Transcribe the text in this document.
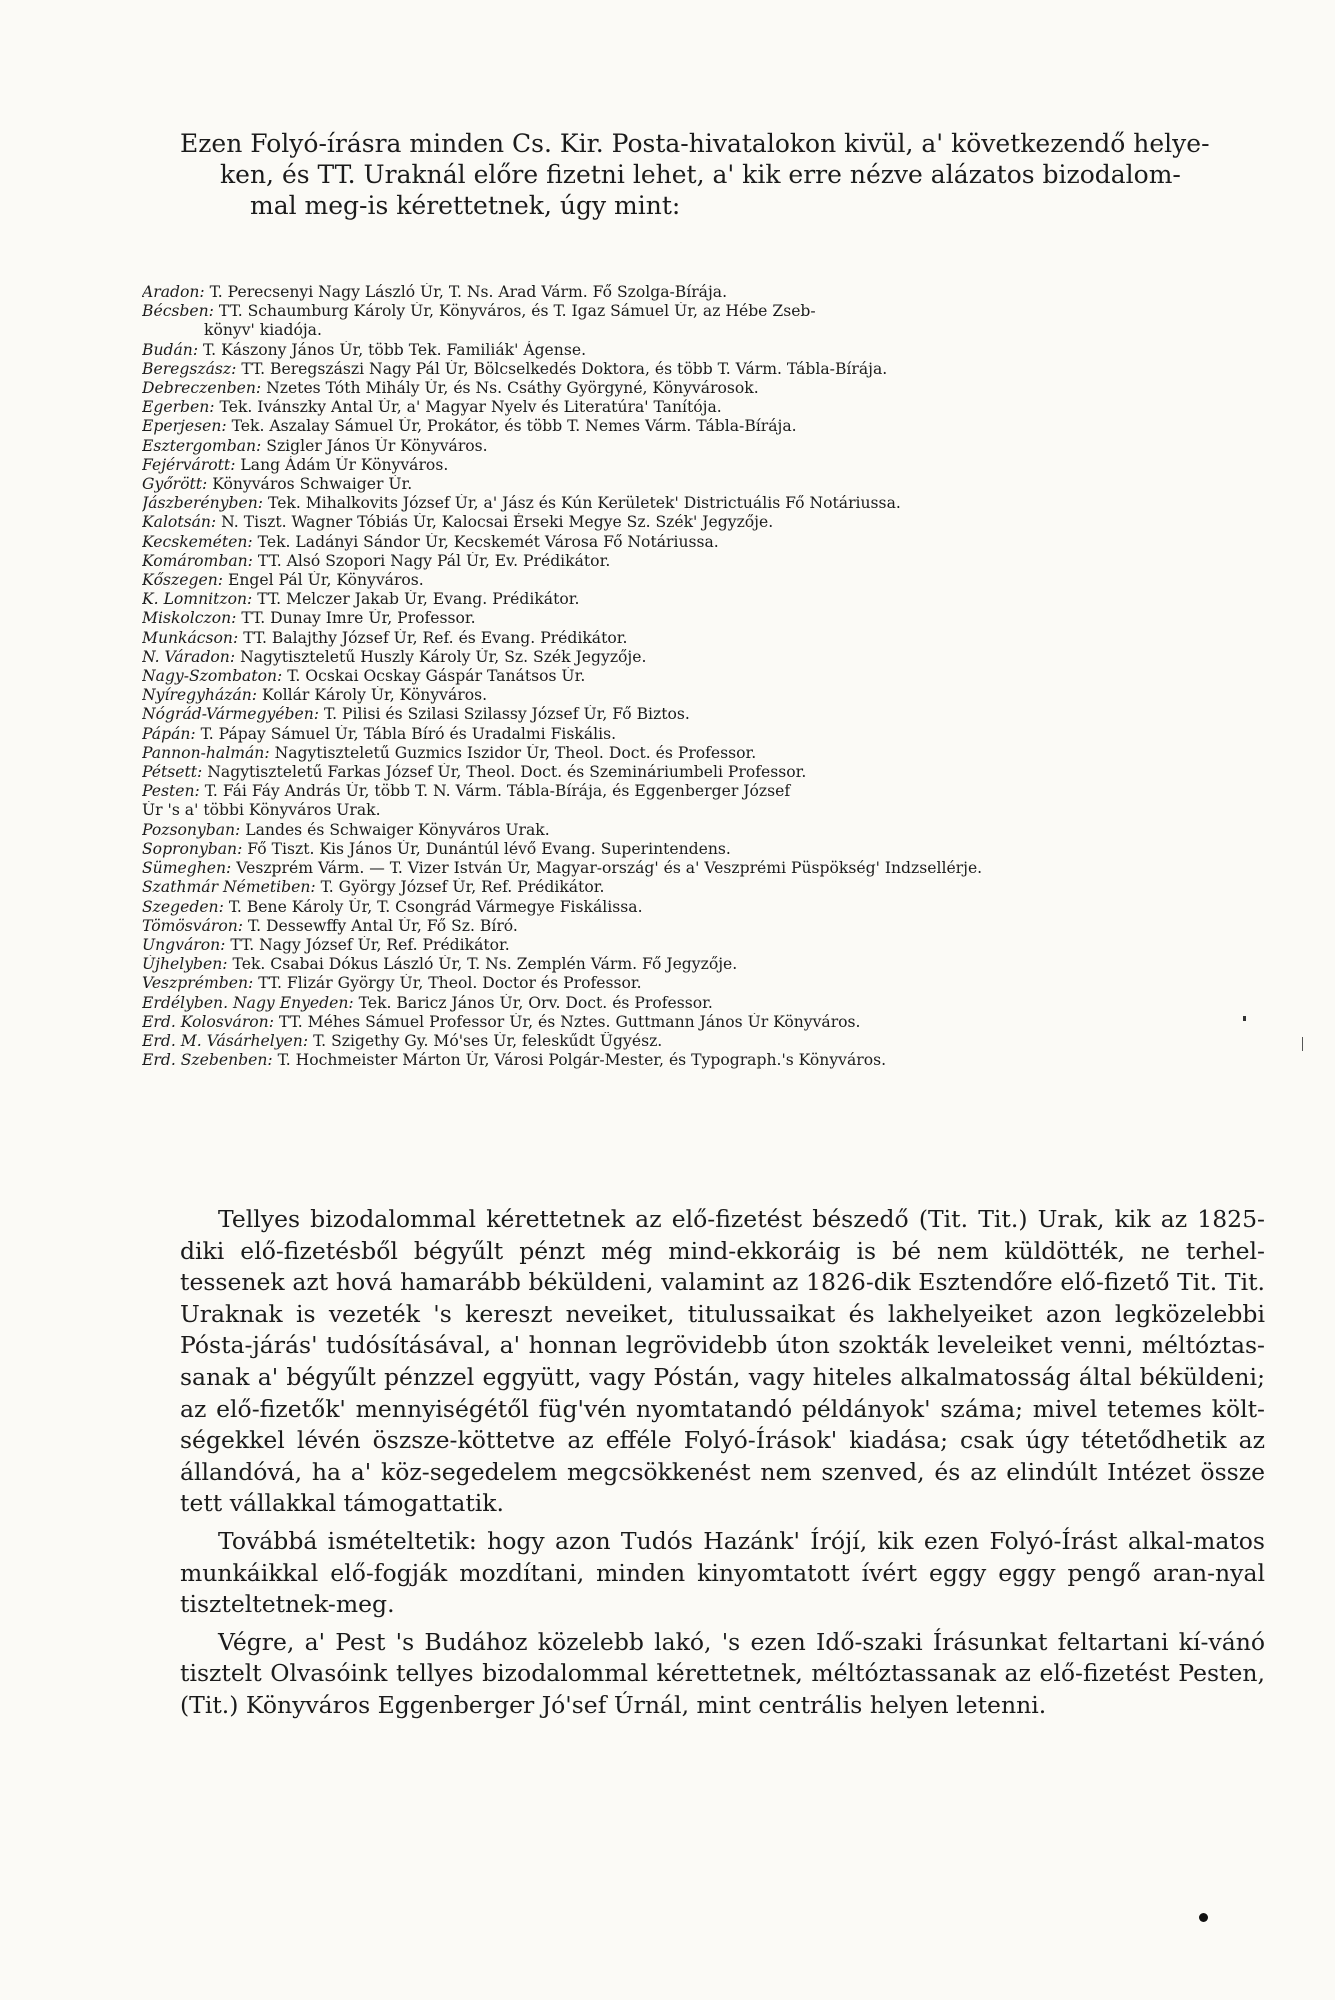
Ezen Folyó-írásra minden Cs. Kir. Posta-hivatalokon kivül, a' következendő helye-
ken, és TT. Uraknál előre fizetni lehet, a' kik erre nézve alázatos bizodalom-
mal meg-is kérettetnek, úgy mint:
Aradon: T. Perecsenyi Nagy László Úr, T. Ns. Arad Várm. Fő Szolga-Bírája.
Bécsben: TT. Schaumburg Károly Úr, Könyváros, és T. Igaz Sámuel Úr, az Hébe Zseb-
könyv' kiadója.
Budán: T. Kászony János Úr, több Tek. Familiák' Ágense.
Beregszász: TT. Beregszászi Nagy Pál Úr, Bölcselkedés Doktora, és több T. Várm. Tábla-Bírája.
Debreczenben: Nzetes Tóth Mihály Úr, és Ns. Csáthy Györgyné, Könyvárosok.
Egerben: Tek. Ivánszky Antal Úr, a' Magyar Nyelv és Literatúra' Tanítója.
Eperjesen: Tek. Aszalay Sámuel Úr, Prokátor, és több T. Nemes Várm. Tábla-Bírája.
Esztergomban: Szigler János Úr Könyváros.
Fejérvárott: Lang Ádám Úr Könyváros.
Győrött: Könyváros Schwaiger Úr.
Jászberényben: Tek. Mihalkovits József Úr, a' Jász és Kún Kerületek' Districtuális Fő Notáriussa.
Kalotsán: N. Tiszt. Wagner Tóbiás Úr, Kalocsai Érseki Megye Sz. Szék' Jegyzője.
Kecskeméten: Tek. Ladányi Sándor Úr, Kecskemét Városa Fő Notáriussa.
Komáromban: TT. Alsó Szopori Nagy Pál Úr, Ev. Prédikátor.
Kőszegen: Engel Pál Úr, Könyváros.
K. Lomnitzon: TT. Melczer Jakab Úr, Evang. Prédikátor.
Miskolczon: TT. Dunay Imre Úr, Professor.
Munkácson: TT. Balajthy József Úr, Ref. és Evang. Prédikátor.
N. Váradon: Nagytiszteletű Huszly Károly Úr, Sz. Szék Jegyzője.
Nagy-Szombaton: T. Ocskai Ocskay Gáspár Tanátsos Úr.
Nyíregyházán: Kollár Károly Úr, Könyváros.
Nógrád-Vármegyében: T. Pilisi és Szilasi Szilassy József Úr, Fő Biztos.
Pápán: T. Pápay Sámuel Úr, Tábla Bíró és Uradalmi Fiskális.
Pannon-halmán: Nagytiszteletű Guzmics Iszidor Úr, Theol. Doct. és Professor.
Pétsett: Nagytiszteletű Farkas József Úr, Theol. Doct. és Szemináriumbeli Professor.
Pesten: T. Fái Fáy András Úr, több T. N. Várm. Tábla-Bírája, és Eggenberger József
Úr 's a' többi Könyváros Urak.
Pozsonyban: Landes és Schwaiger Könyváros Urak.
Sopronyban: Fő Tiszt. Kis János Úr, Dunántúl lévő Evang. Superintendens.
Sümeghen: Veszprém Várm. — T. Vizer István Úr, Magyar-ország' és a' Veszprémi Püspökség' Indzsellérje.
Szathmár Németiben: T. György József Úr, Ref. Prédikátor.
Szegeden: T. Bene Károly Úr, T. Csongrád Vármegye Fiskálissa.
Tömösváron: T. Dessewffy Antal Úr, Fő Sz. Bíró.
Ungváron: TT. Nagy József Úr, Ref. Prédikátor.
Újhelyben: Tek. Csabai Dókus László Úr, T. Ns. Zemplén Várm. Fő Jegyzője.
Veszprémben: TT. Flizár György Úr, Theol. Doctor és Professor.
Erdélyben. Nagy Enyeden: Tek. Baricz János Úr, Orv. Doct. és Professor.
Erd. Kolosváron: TT. Méhes Sámuel Professor Úr, és Nztes. Guttmann János Úr Könyváros.
Erd. M. Vásárhelyen: T. Szigethy Gy. Mó'ses Úr, feleskűdt Ügyész.
Erd. Szebenben: T. Hochmeister Márton Úr, Városi Polgár-Mester, és Typograph.'s Könyváros.

Tellyes bizodalommal kérettetnek az elő-fizetést bészedő (Tit. Tit.) Urak, kik az 1825-diki elő-fizetésből bégyűlt pénzt még mind-ekkoráig is bé nem küldötték, ne terhel-tessenek azt hová hamarább béküldeni, valamint az 1826-dik Esztendőre elő-fizető Tit. Tit. Uraknak is vezeték 's kereszt neveiket, titulussaikat és lakhelyeiket azon legközelebbi Pósta-járás' tudósításával, a' honnan legrövidebb úton szokták leveleiket venni, méltóztas-sanak a' bégyűlt pénzzel eggyütt, vagy Póstán, vagy hiteles alkalmatosság által béküldeni; az elő-fizetők' mennyiségétől füg'vén nyomtatandó példányok' száma; mivel tetemes költ-ségekkel lévén öszsze-köttetve az efféle Folyó-Írások' kiadása; csak úgy tétetődhetik az állandóvá, ha a' köz-segedelem megcsökkenést nem szenved, és az elindúlt Intézet össze tett vállakkal támogattatik.

Továbbá ismételtetik: hogy azon Tudós Hazánk' Írójí, kik ezen Folyó-Írást alkal-matos munkáikkal elő-fogják mozdítani, minden kinyomtatott ívért eggy eggy pengő aran-nyal tiszteltetnek-meg.

Végre, a' Pest 's Budához közelebb lakó, 's ezen Idő-szaki Írásunkat feltartani kí-vánó tisztelt Olvasóink tellyes bizodalommal kérettetnek, méltóztassanak az elő-fizetést Pesten, (Tit.) Könyváros Eggenberger Jó'sef Úrnál, mint centrális helyen letenni.
